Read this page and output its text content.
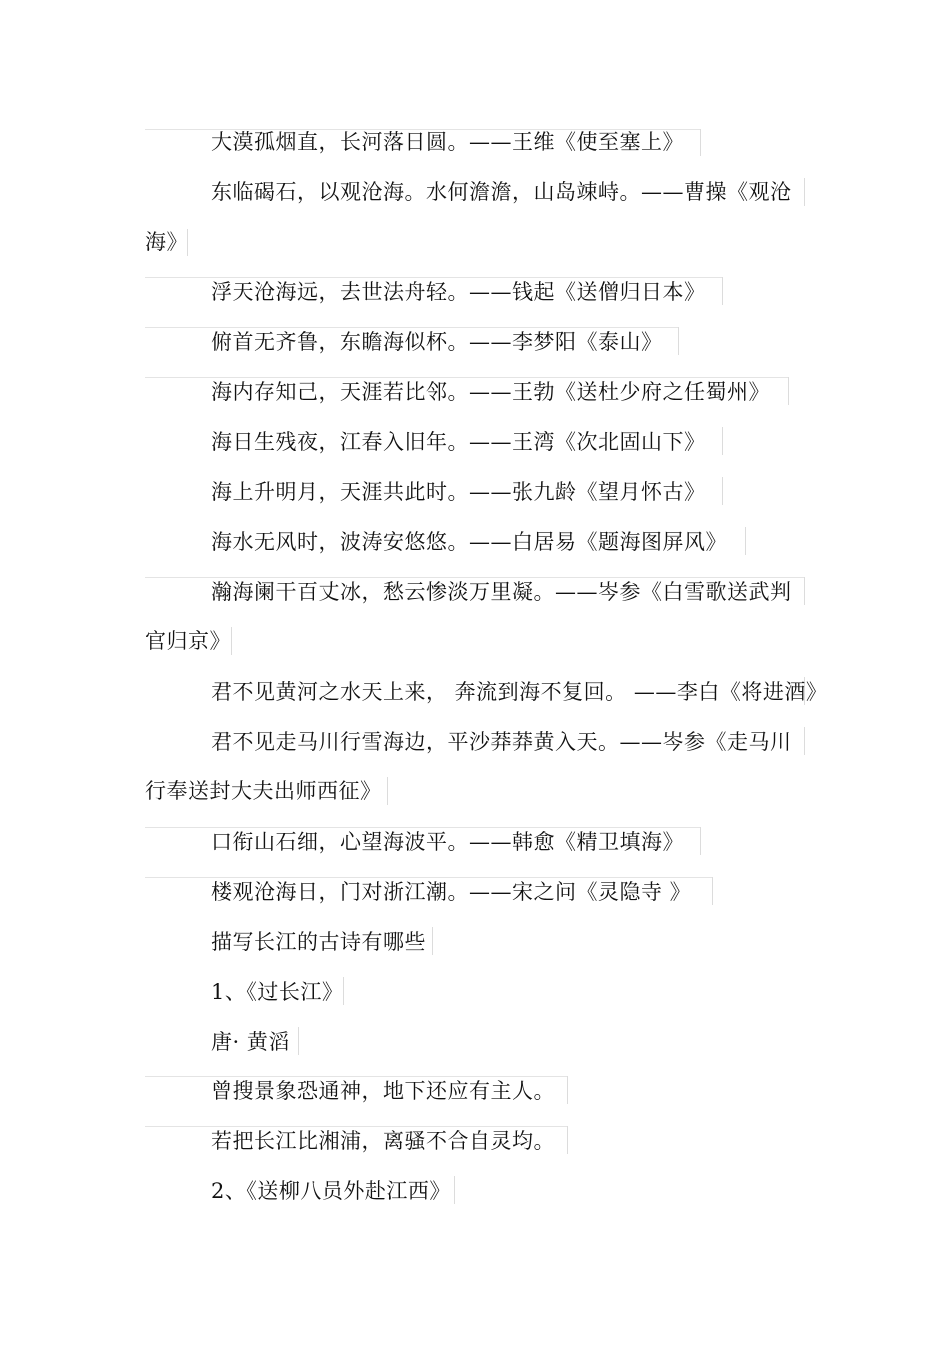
大漠孤烟直，长河落日圆。——王维《使至塞上》
东临碣石，以观沧海。水何澹澹，山岛竦峙。——曹操《观沧
海》
浮天沧海远，去世法舟轻。——钱起《送僧归日本》
俯首无齐鲁，东瞻海似杯。——李梦阳《泰山》
海内存知己，天涯若比邻。——王勃《送杜少府之任蜀州》
海日生残夜，江春入旧年。——王湾《次北固山下》
海上升明月，天涯共此时。——张九龄《望月怀古》
海水无风时，波涛安悠悠。——白居易《题海图屏风》
瀚海阑干百丈冰，愁云惨淡万里凝。——岑参《白雪歌送武判
官归京》
君不见黄河之水天上来， 奔流到海不复回。 ——李白《将进酒》
君不见走马川行雪海边，平沙莽莽黄入天。——岑参《走马川
行奉送封大夫出师西征》
口衔山石细，心望海波平。——韩愈《精卫填海》
楼观沧海日，门对浙江潮。——宋之问《灵隐寺 》
描写长江的古诗有哪些
1、《过长江》
唐· 黄滔
曾搜景象恐通神，地下还应有主人。
若把长江比湘浦，离骚不合自灵均。
2、《送柳八员外赴江西》
